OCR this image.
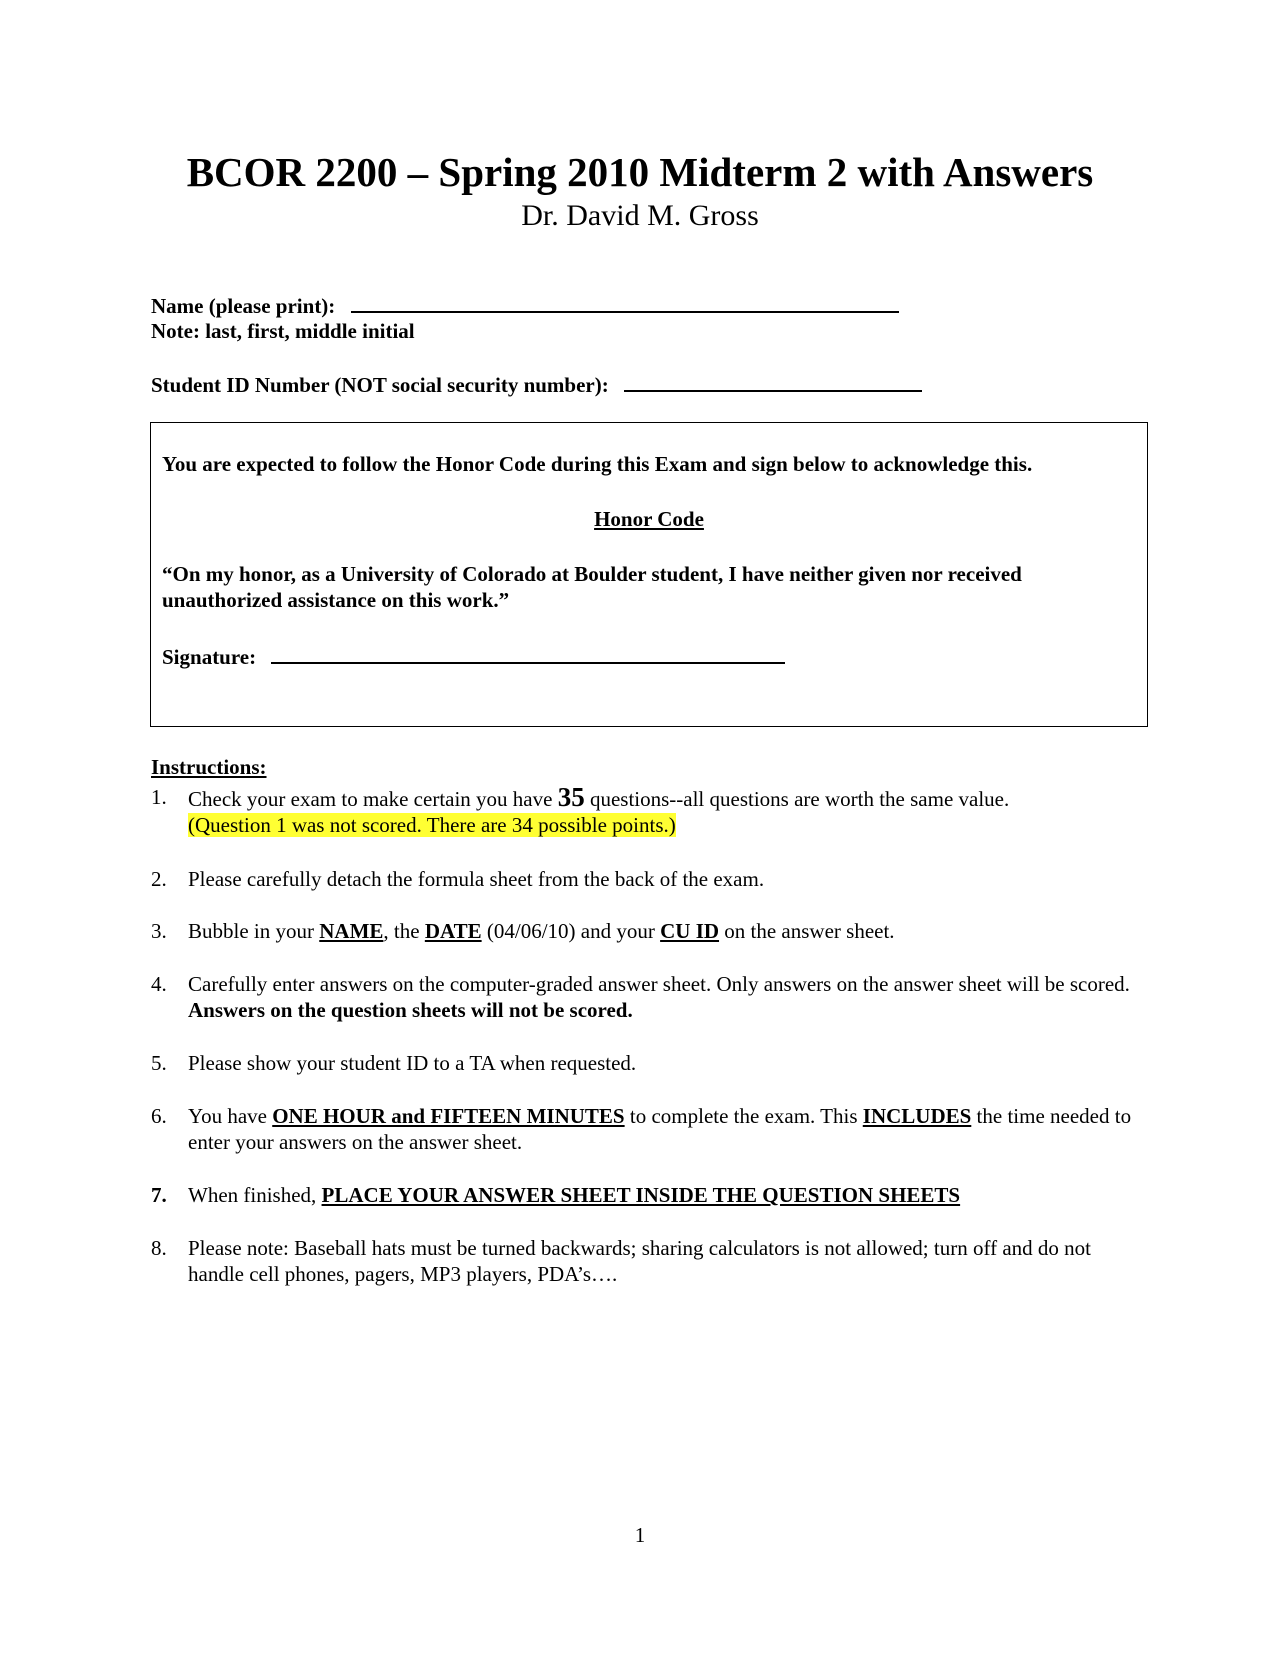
BCOR 2200 – Spring 2010 Midterm 2 with Answers
Dr. David M. Gross
Name (please print):
Note: last, first, middle initial
Student ID Number (NOT social security number):
You are expected to follow the Honor Code during this Exam and sign below to acknowledge this.
Honor Code
“On my honor, as a University of Colorado at Boulder student, I have neither given nor received unauthorized assistance on this work.”
Signature:
Instructions:
1.	Check your exam to make certain you have 35 questions--all questions are worth the same value.
(Question 1 was not scored. There are 34 possible points.)
2.	Please carefully detach the formula sheet from the back of the exam.
3.	Bubble in your NAME, the DATE (04/06/10) and your CU ID on the answer sheet.
4.	Carefully enter answers on the computer-graded answer sheet. Only answers on the answer sheet will be scored. Answers on the question sheets will not be scored.
5.	Please show your student ID to a TA when requested.
6.	You have ONE HOUR and FIFTEEN MINUTES to complete the exam. This INCLUDES the time needed to enter your answers on the answer sheet.
7.	When finished, PLACE YOUR ANSWER SHEET INSIDE THE QUESTION SHEETS
8.	Please note: Baseball hats must be turned backwards; sharing calculators is not allowed; turn off and do not handle cell phones, pagers, MP3 players, PDA’s….
1
